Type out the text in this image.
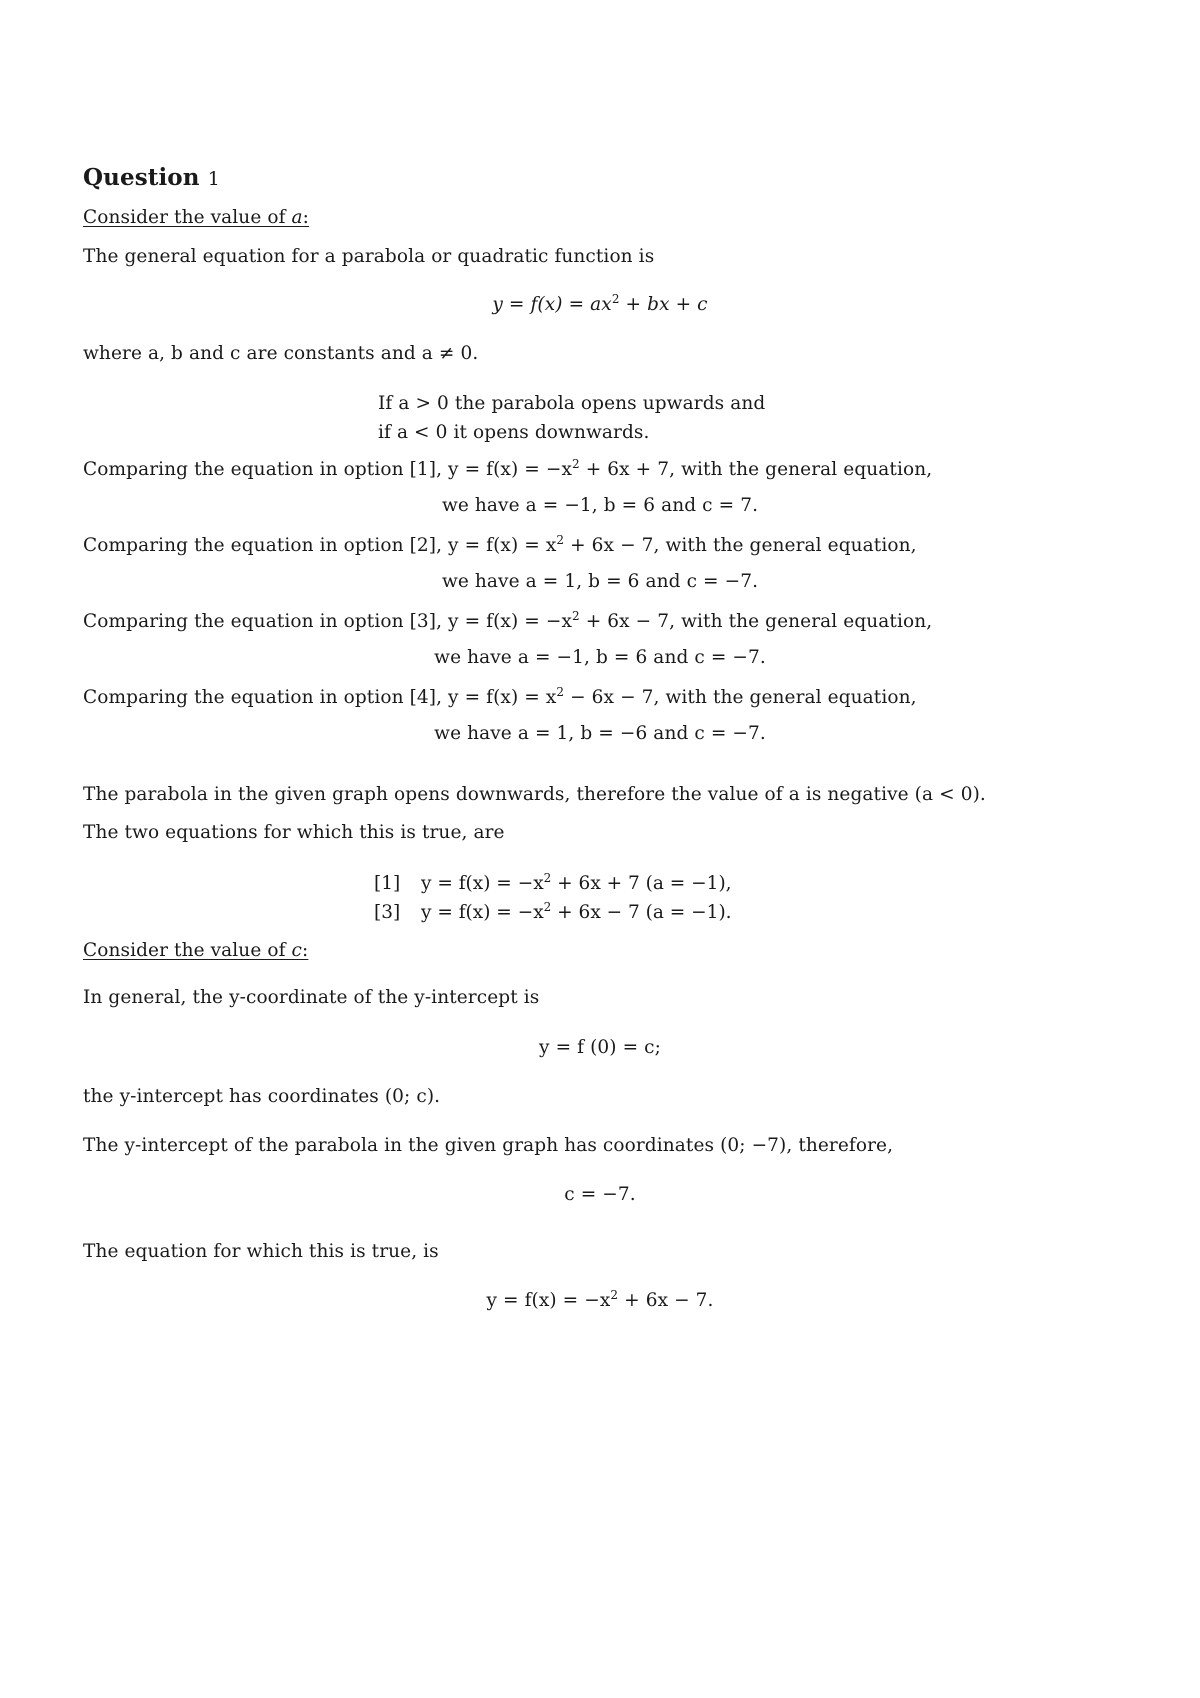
Question 1
Consider the value of a:
The general equation for a parabola or quadratic function is
$y = f(x) = ax^2$ + bx + c
where a, b and c are constants and a ≠ 0.
If a > 0 the parabola opens upwards and
if a < 0 it opens downwards.
Comparing the equation in option [1], $y = f(x) = -x^2 + 6x + 7$, with the general equation,
we have a = −1, b = 6 and c = 7.
Comparing the equation in option [2], $y = f(x) = x^2 + 6x - 7$, with the general equation,
we have a = 1, b = 6 and c = −7.
Comparing the equation in option [3], $y = f(x) = -x^2 + 6x - 7$, with the general equation,
we have a = −1, b = 6 and c = −7.
Comparing the equation in option [4], $y = f(x) = x^2 - 6x - 7$, with the general equation,
we have a = 1, b = −6 and c = −7.
The parabola in the given graph opens downwards, therefore the value of a is negative (a < 0).
The two equations for which this is true, are
[1] $y = f(x) = -x^2 + 6x + 7$ (a = −1),
[3] $y = f(x) = -x^2 + 6x - 7$ (a = −1).
Consider the value of c:
In general, the y-coordinate of the y-intercept is
y = f (0) = c;
the y-intercept has coordinates (0; c).
The y-intercept of the parabola in the given graph has coordinates (0; −7), therefore,
c = −7.
The equation for which this is true, is
$y = f(x) = -x^2 + 6x - 7$.
